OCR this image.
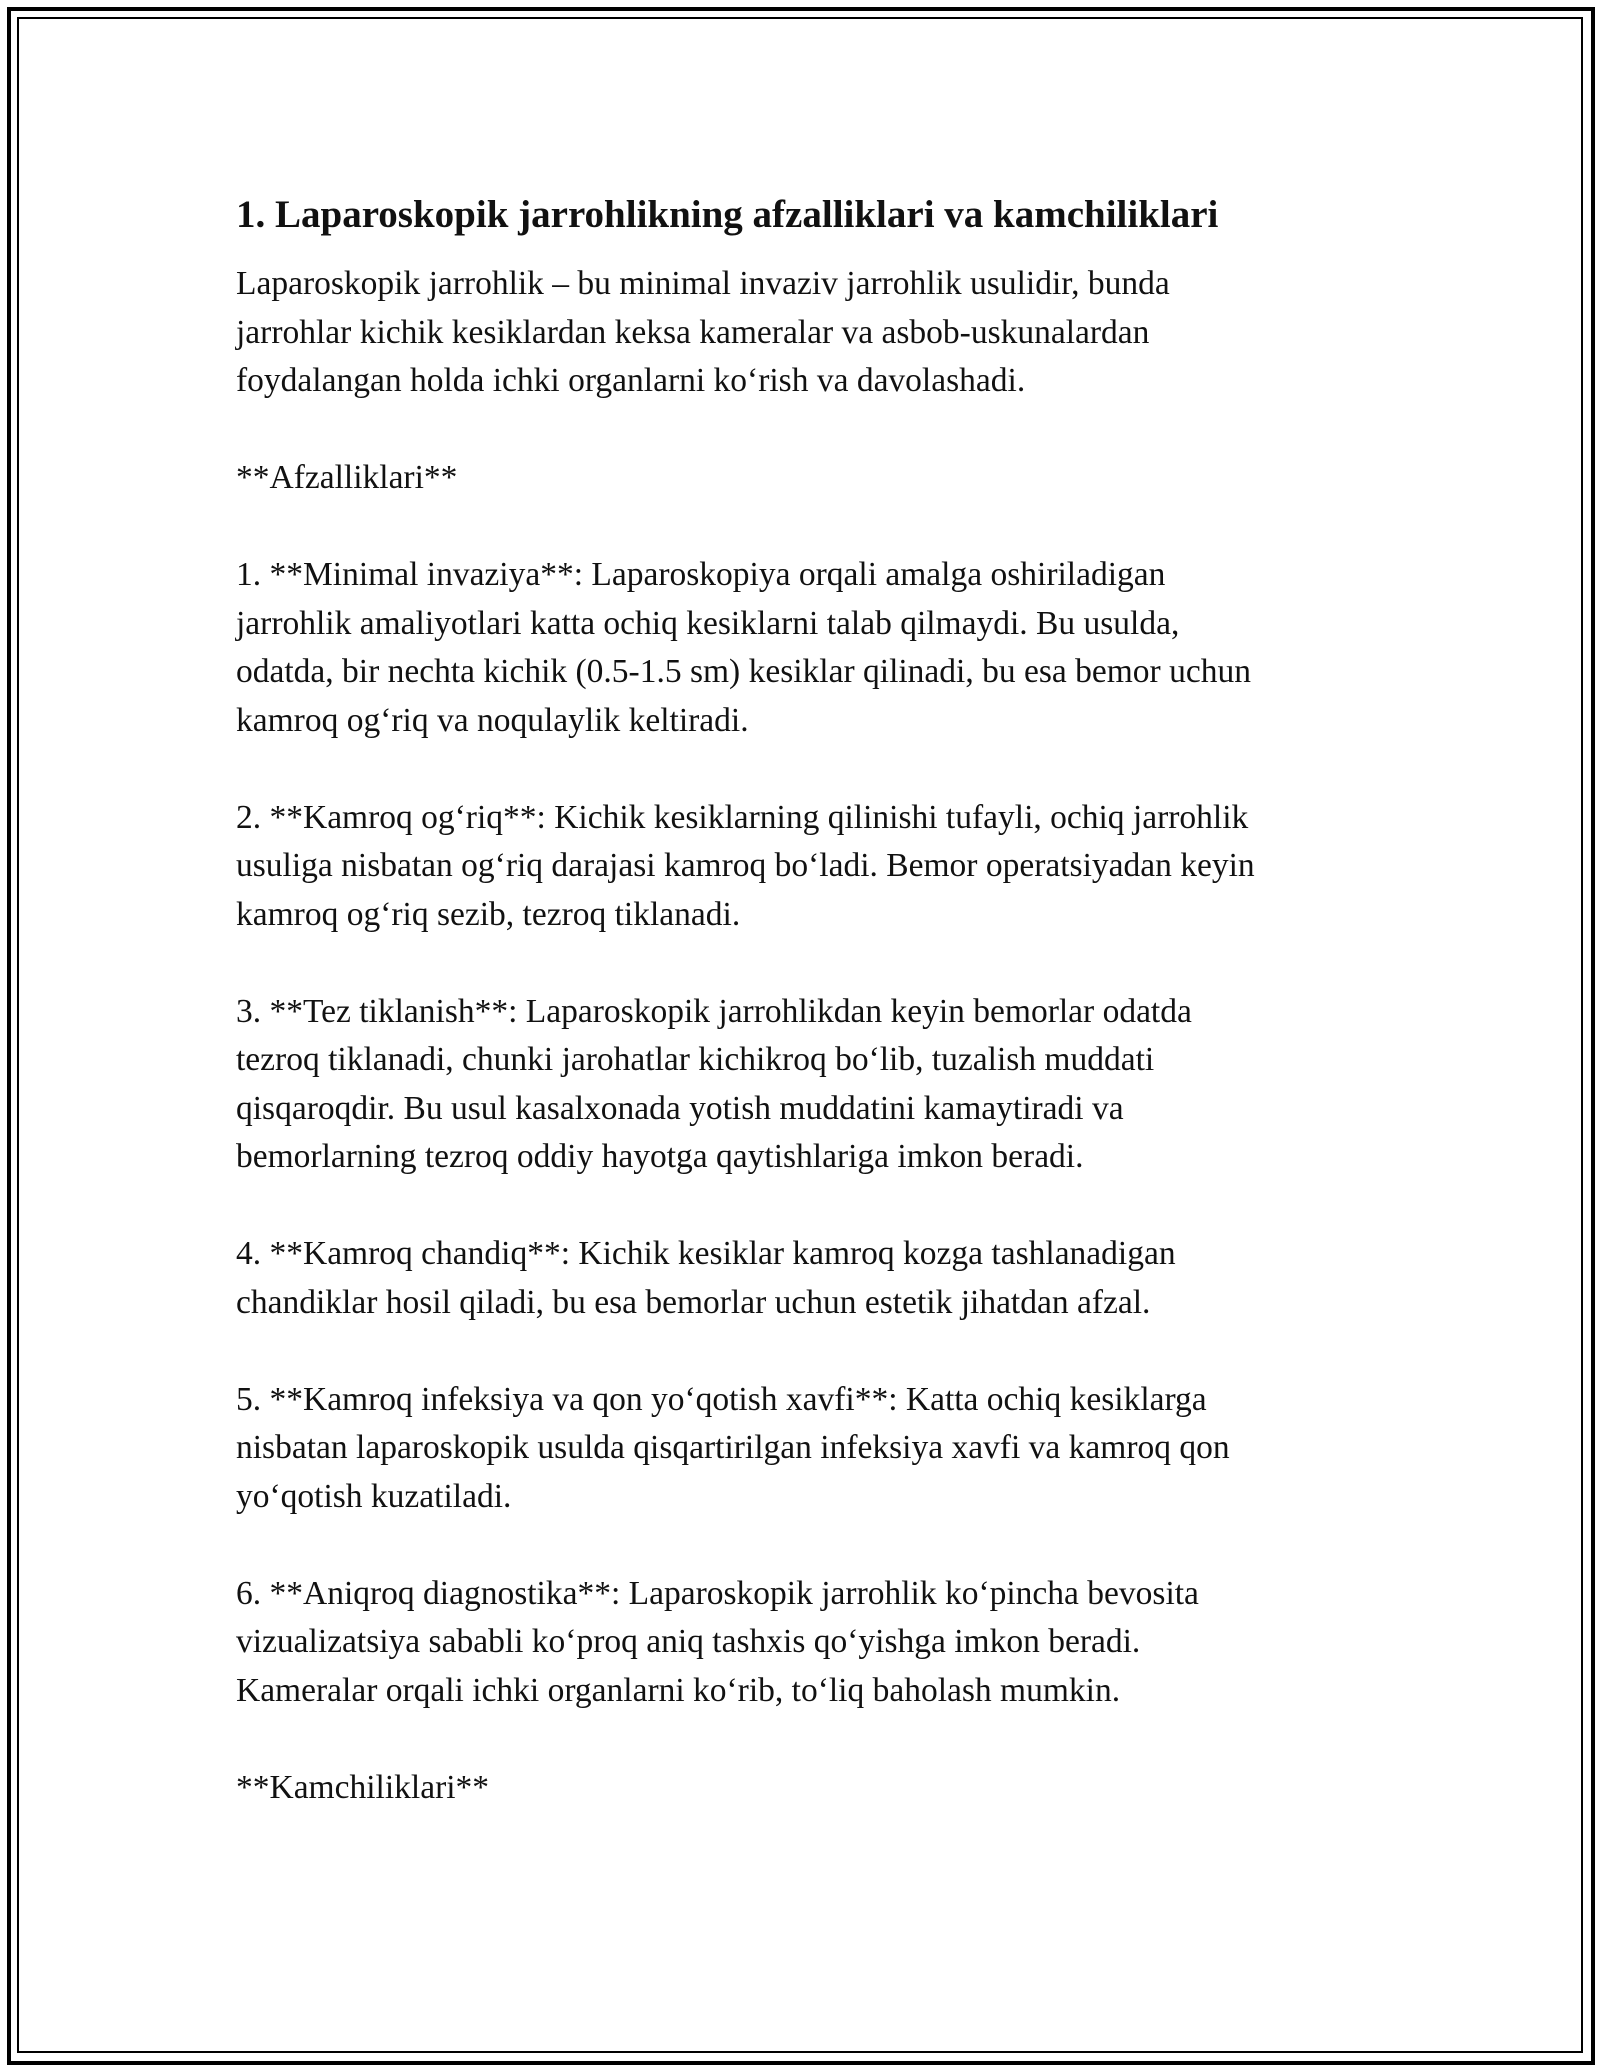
1. Laparoskopik jarrohlikning afzalliklari va kamchiliklari

Laparoskopik jarrohlik – bu minimal invaziv jarrohlik usulidir, bunda
jarrohlar kichik kesiklardan keksa kameralar va asbob-uskunalardan
foydalangan holda ichki organlarni ko‘rish va davolashadi.

**Afzalliklari**

1. **Minimal invaziya**: Laparoskopiya orqali amalga oshiriladigan
jarrohlik amaliyotlari katta ochiq kesiklarni talab qilmaydi. Bu usulda,
odatda, bir nechta kichik (0.5-1.5 sm) kesiklar qilinadi, bu esa bemor uchun
kamroq og‘riq va noqulaylik keltiradi.

2. **Kamroq og‘riq**: Kichik kesiklarning qilinishi tufayli, ochiq jarrohlik
usuliga nisbatan og‘riq darajasi kamroq bo‘ladi. Bemor operatsiyadan keyin
kamroq og‘riq sezib, tezroq tiklanadi.

3. **Tez tiklanish**: Laparoskopik jarrohlikdan keyin bemorlar odatda
tezroq tiklanadi, chunki jarohatlar kichikroq bo‘lib, tuzalish muddati
qisqaroqdir. Bu usul kasalxonada yotish muddatini kamaytiradi va
bemorlarning tezroq oddiy hayotga qaytishlariga imkon beradi.

4. **Kamroq chandiq**: Kichik kesiklar kamroq kozga tashlanadigan
chandiklar hosil qiladi, bu esa bemorlar uchun estetik jihatdan afzal.

5. **Kamroq infeksiya va qon yo‘qotish xavfi**: Katta ochiq kesiklarga
nisbatan laparoskopik usulda qisqartirilgan infeksiya xavfi va kamroq qon
yo‘qotish kuzatiladi.

6. **Aniqroq diagnostika**: Laparoskopik jarrohlik ko‘pincha bevosita
vizualizatsiya sababli ko‘proq aniq tashxis qo‘yishga imkon beradi.
Kameralar orqali ichki organlarni ko‘rib, to‘liq baholash mumkin.

**Kamchiliklari**
